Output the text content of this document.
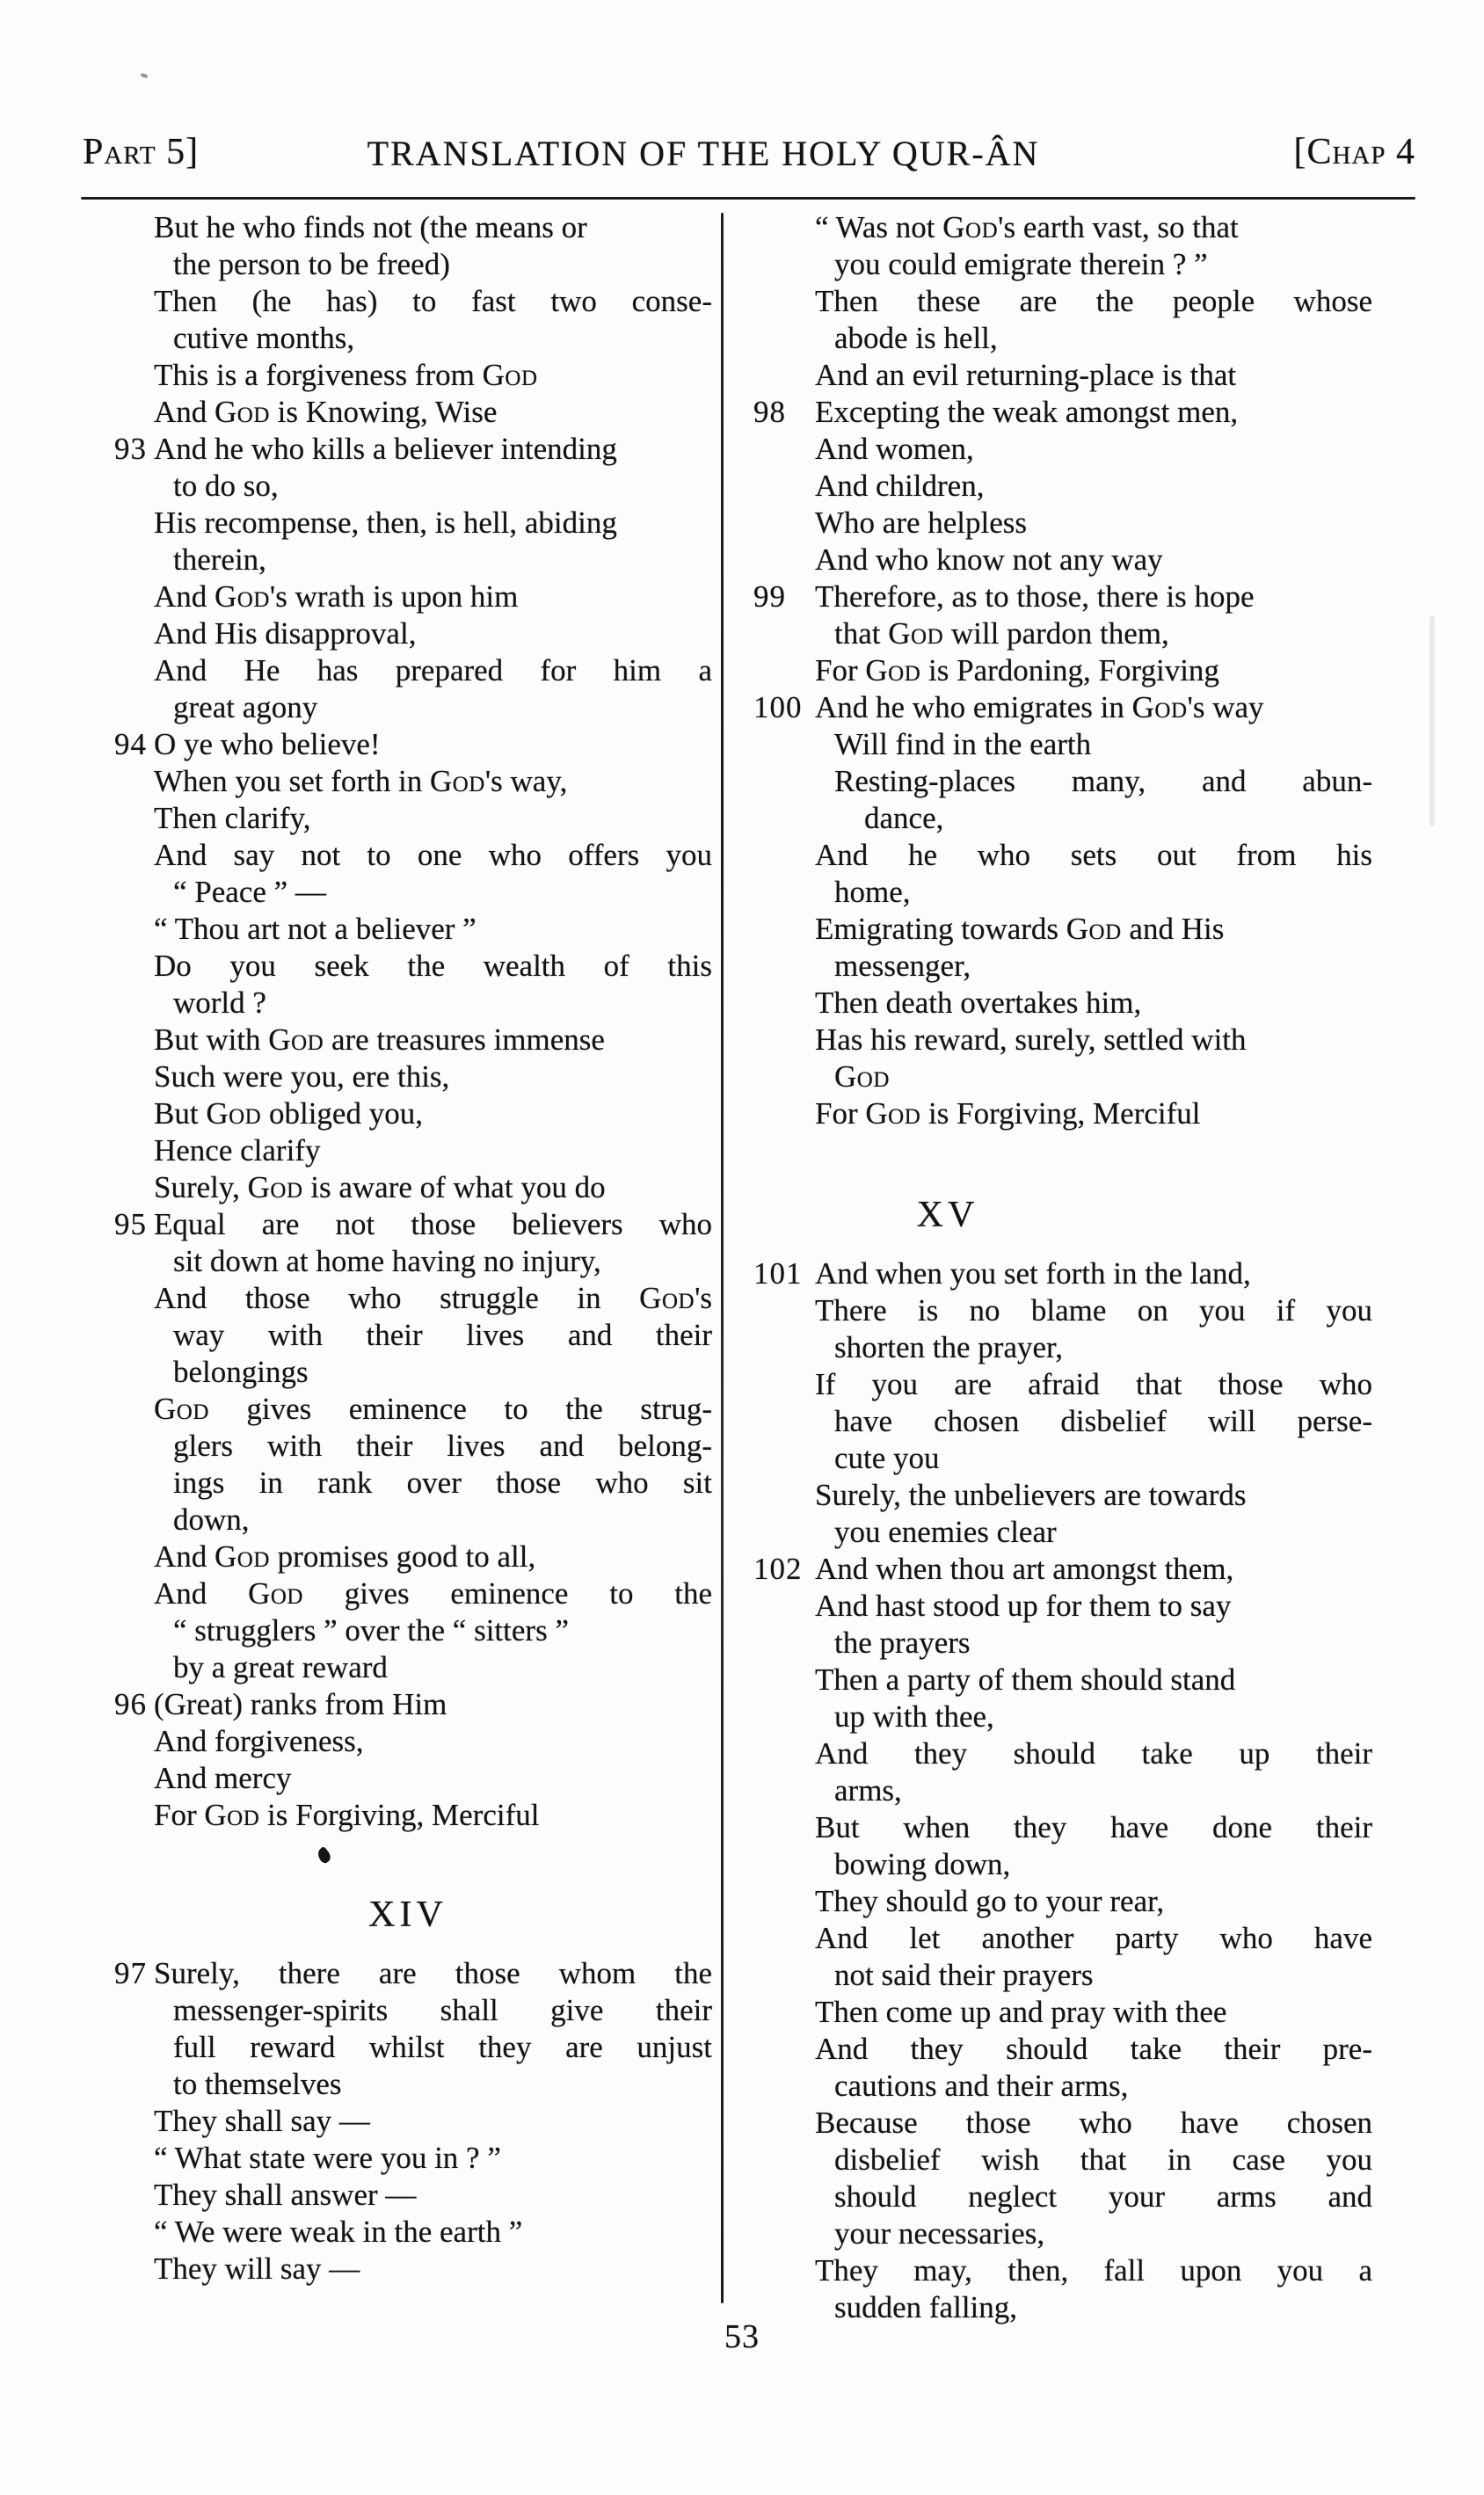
Part 5]	TRANSLATION OF THE HOLY QUR-ÂN	[Chap 4
But he who finds not (the means or
the person to be freed)
Then (he has) to fast two conse-
cutive months,
This is a forgiveness from God
And God is Knowing, Wise
93 And he who kills a believer intending
to do so,
His recompense, then, is hell, abiding
therein,
And God's wrath is upon him
And His disapproval,
And He has prepared for him a
great agony
94 O ye who believe!
When you set forth in God's way,
Then clarify,
And say not to one who offers you
“ Peace ” —
“ Thou art not a believer ”
Do you seek the wealth of this
world ?
But with God are treasures immense
Such were you, ere this,
But God obliged you,
Hence clarify
Surely, God is aware of what you do
95 Equal are not those believers who
sit down at home having no injury,
And those who struggle in God's
way with their lives and their
belongings
God gives eminence to the strug-
glers with their lives and belong-
ings in rank over those who sit
down,
And God promises good to all,
And God gives eminence to the
“ strugglers ” over the “ sitters ”
by a great reward
96 (Great) ranks from Him
And forgiveness,
And mercy
For God is Forgiving, Merciful
XIV
97 Surely, there are those whom the
messenger-spirits shall give their
full reward whilst they are unjust
to themselves
They shall say —
“ What state were you in ? ”
They shall answer —
“ We were weak in the earth ”
They will say —
“ Was not God's earth vast, so that
you could emigrate therein ? ”
Then these are the people whose
abode is hell,
And an evil returning-place is that
98 Excepting the weak amongst men,
And women,
And children,
Who are helpless
And who know not any way
99 Therefore, as to those, there is hope
that God will pardon them,
For God is Pardoning, Forgiving
100 And he who emigrates in God's way
Will find in the earth
Resting-places many, and abun-
dance,
And he who sets out from his
home,
Emigrating towards God and His
messenger,
Then death overtakes him,
Has his reward, surely, settled with
God
For God is Forgiving, Merciful
XV
101 And when you set forth in the land,
There is no blame on you if you
shorten the prayer,
If you are afraid that those who
have chosen disbelief will perse-
cute you
Surely, the unbelievers are towards
you enemies clear
102 And when thou art amongst them,
And hast stood up for them to say
the prayers
Then a party of them should stand
up with thee,
And they should take up their
arms,
But when they have done their
bowing down,
They should go to your rear,
And let another party who have
not said their prayers
Then come up and pray with thee
And they should take their pre-
cautions and their arms,
Because those who have chosen
disbelief wish that in case you
should neglect your arms and
your necessaries,
They may, then, fall upon you a
sudden falling,
53
